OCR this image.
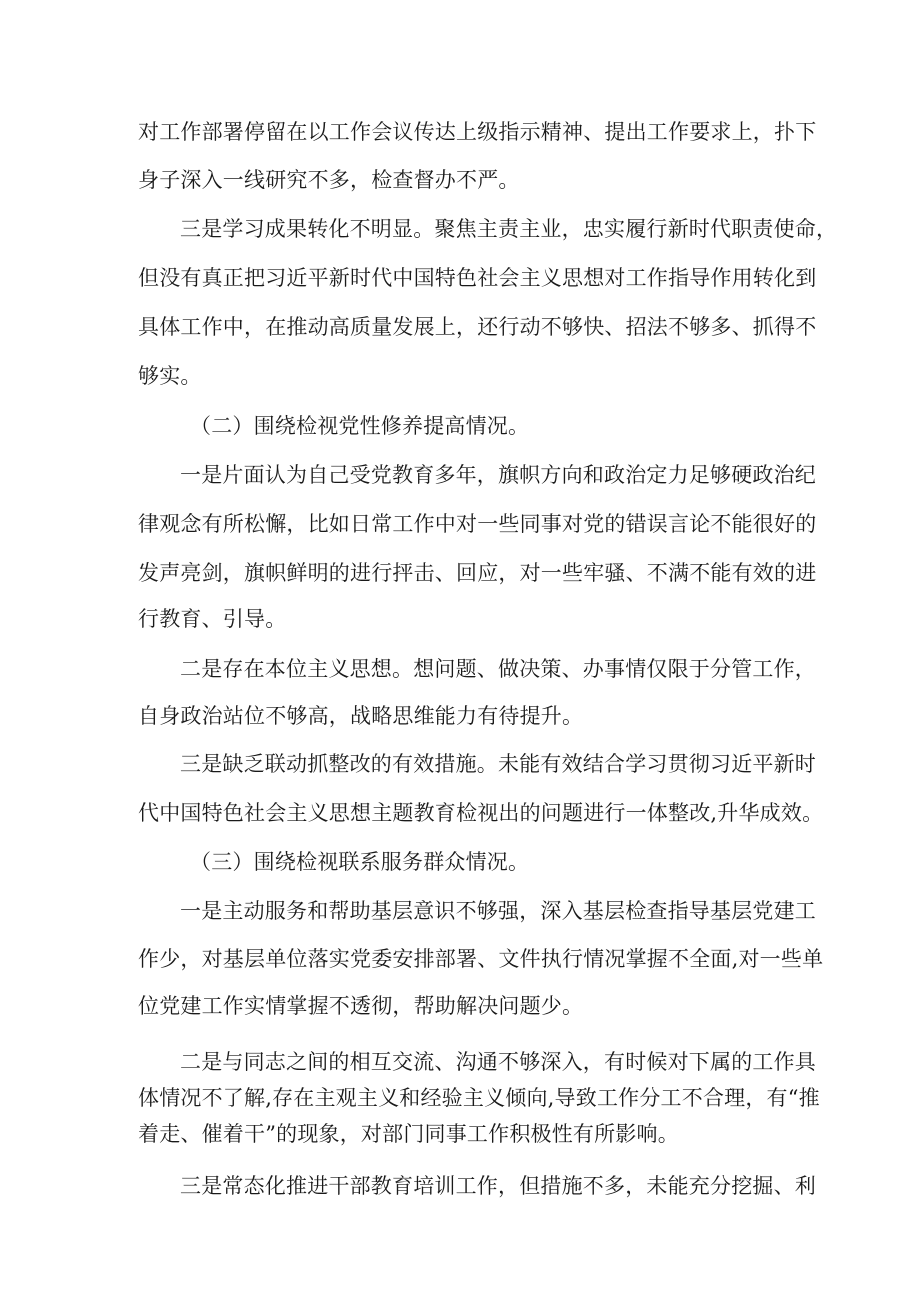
对工作部署停留在以工作会议传达上级指示精神、提出工作要求上，扑下
身子深入一线研究不多，检查督办不严。
三是学习成果转化不明显。聚焦主责主业，忠实履行新时代职责使命，
但没有真正把习近平新时代中国特色社会主义思想对工作指导作用转化到
具体工作中，在推动高质量发展上，还行动不够快、招法不够多、抓得不
够实。
（二）围绕检视党性修养提高情况。
一是片面认为自己受党教育多年，旗帜方向和政治定力足够硬政治纪
律观念有所松懈，比如日常工作中对一些同事对党的错误言论不能很好的
发声亮剑，旗帜鲜明的进行抨击、回应，对一些牢骚、不满不能有效的进
行教育、引导。
二是存在本位主义思想。想问题、做决策、办事情仅限于分管工作，
自身政治站位不够高，战略思维能力有待提升。
三是缺乏联动抓整改的有效措施。未能有效结合学习贯彻习近平新时
代中国特色社会主义思想主题教育检视出的问题进行一体整改,升华成效。
（三）围绕检视联系服务群众情况。
一是主动服务和帮助基层意识不够强，深入基层检查指导基层党建工
作少，对基层单位落实党委安排部署、文件执行情况掌握不全面,对一些单
位党建工作实情掌握不透彻，帮助解决问题少。
二是与同志之间的相互交流、沟通不够深入，有时候对下属的工作具
体情况不了解,存在主观主义和经验主义倾向,导致工作分工不合理，有“推
着走、催着干”的现象，对部门同事工作积极性有所影响。
三是常态化推进干部教育培训工作，但措施不多，未能充分挖掘、利
